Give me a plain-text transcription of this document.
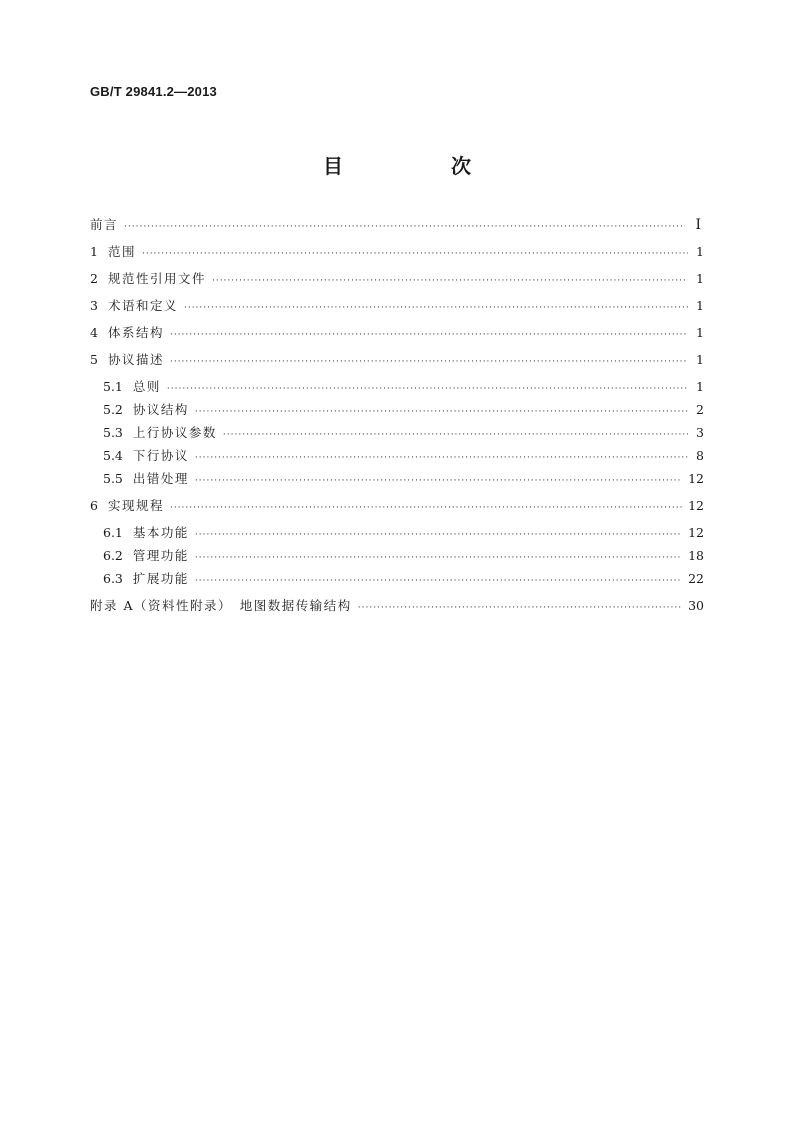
GB/T 29841.2—2013
目　次
前言 ·····	I
1 范围 ·····	1
2 规范性引用文件 ·····	1
3 术语和定义 ·····	1
4 体系结构 ·····	1
5 协议描述 ·····	1
5.1 总则 ·····	1
5.2 协议结构 ·····	2
5.3 上行协议参数 ·····	3
5.4 下行协议 ·····	8
5.5 出错处理 ·····	12
6 实现规程 ·····	12
6.1 基本功能 ·····	12
6.2 管理功能 ·····	18
6.3 扩展功能 ·····	22
附录 A（资料性附录）　地图数据传输结构 ·····	30
